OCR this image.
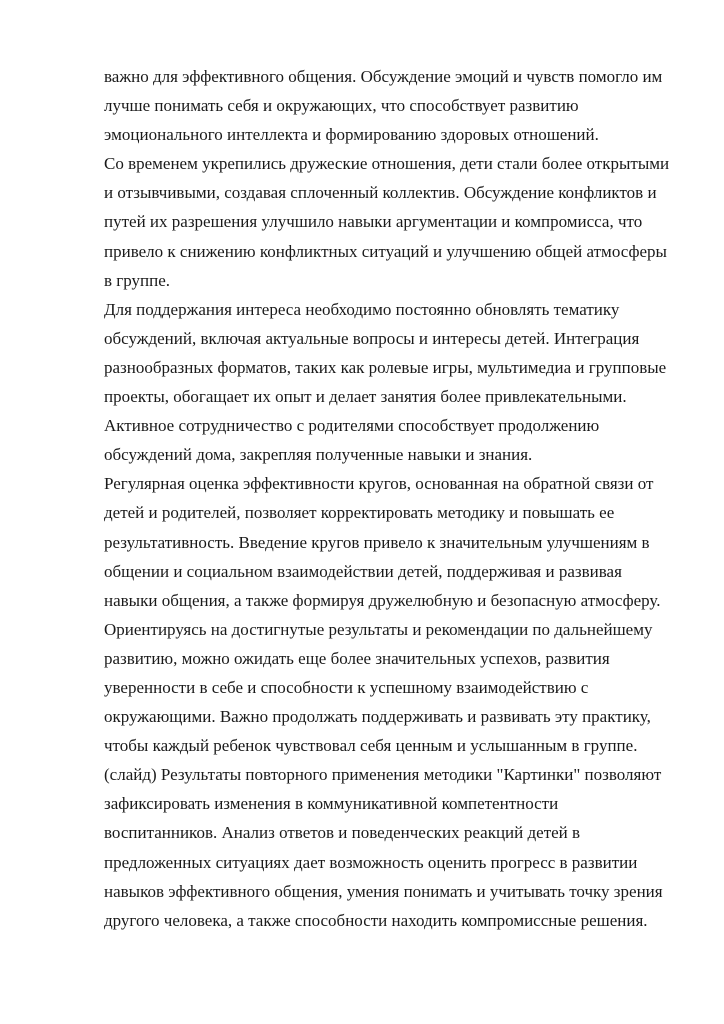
важно для эффективного общения. Обсуждение эмоций и чувств помогло им
лучше понимать себя и окружающих, что способствует развитию
эмоционального интеллекта и формированию здоровых отношений.
Со временем укрепились дружеские отношения, дети стали более открытыми
и отзывчивыми, создавая сплоченный коллектив. Обсуждение конфликтов и
путей их разрешения улучшило навыки аргументации и компромисса, что
привело к снижению конфликтных ситуаций и улучшению общей атмосферы
в группе.
Для поддержания интереса необходимо постоянно обновлять тематику
обсуждений, включая актуальные вопросы и интересы детей. Интеграция
разнообразных форматов, таких как ролевые игры, мультимедиа и групповые
проекты, обогащает их опыт и делает занятия более привлекательными.
Активное сотрудничество с родителями способствует продолжению
обсуждений дома, закрепляя полученные навыки и знания.
Регулярная оценка эффективности кругов, основанная на обратной связи от
детей и родителей, позволяет корректировать методику и повышать ее
результативность. Введение кругов привело к значительным улучшениям в
общении и социальном взаимодействии детей, поддерживая и развивая
навыки общения, а также формируя дружелюбную и безопасную атмосферу.
Ориентируясь на достигнутые результаты и рекомендации по дальнейшему
развитию, можно ожидать еще более значительных успехов, развития
уверенности в себе и способности к успешному взаимодействию с
окружающими. Важно продолжать поддерживать и развивать эту практику,
чтобы каждый ребенок чувствовал себя ценным и услышанным в группе.
(слайд) Результаты повторного применения методики "Картинки" позволяют
зафиксировать изменения в коммуникативной компетентности
воспитанников. Анализ ответов и поведенческих реакций детей в
предложенных ситуациях дает возможность оценить прогресс в развитии
навыков эффективного общения, умения понимать и учитывать точку зрения
другого человека, а также способности находить компромиссные решения.
